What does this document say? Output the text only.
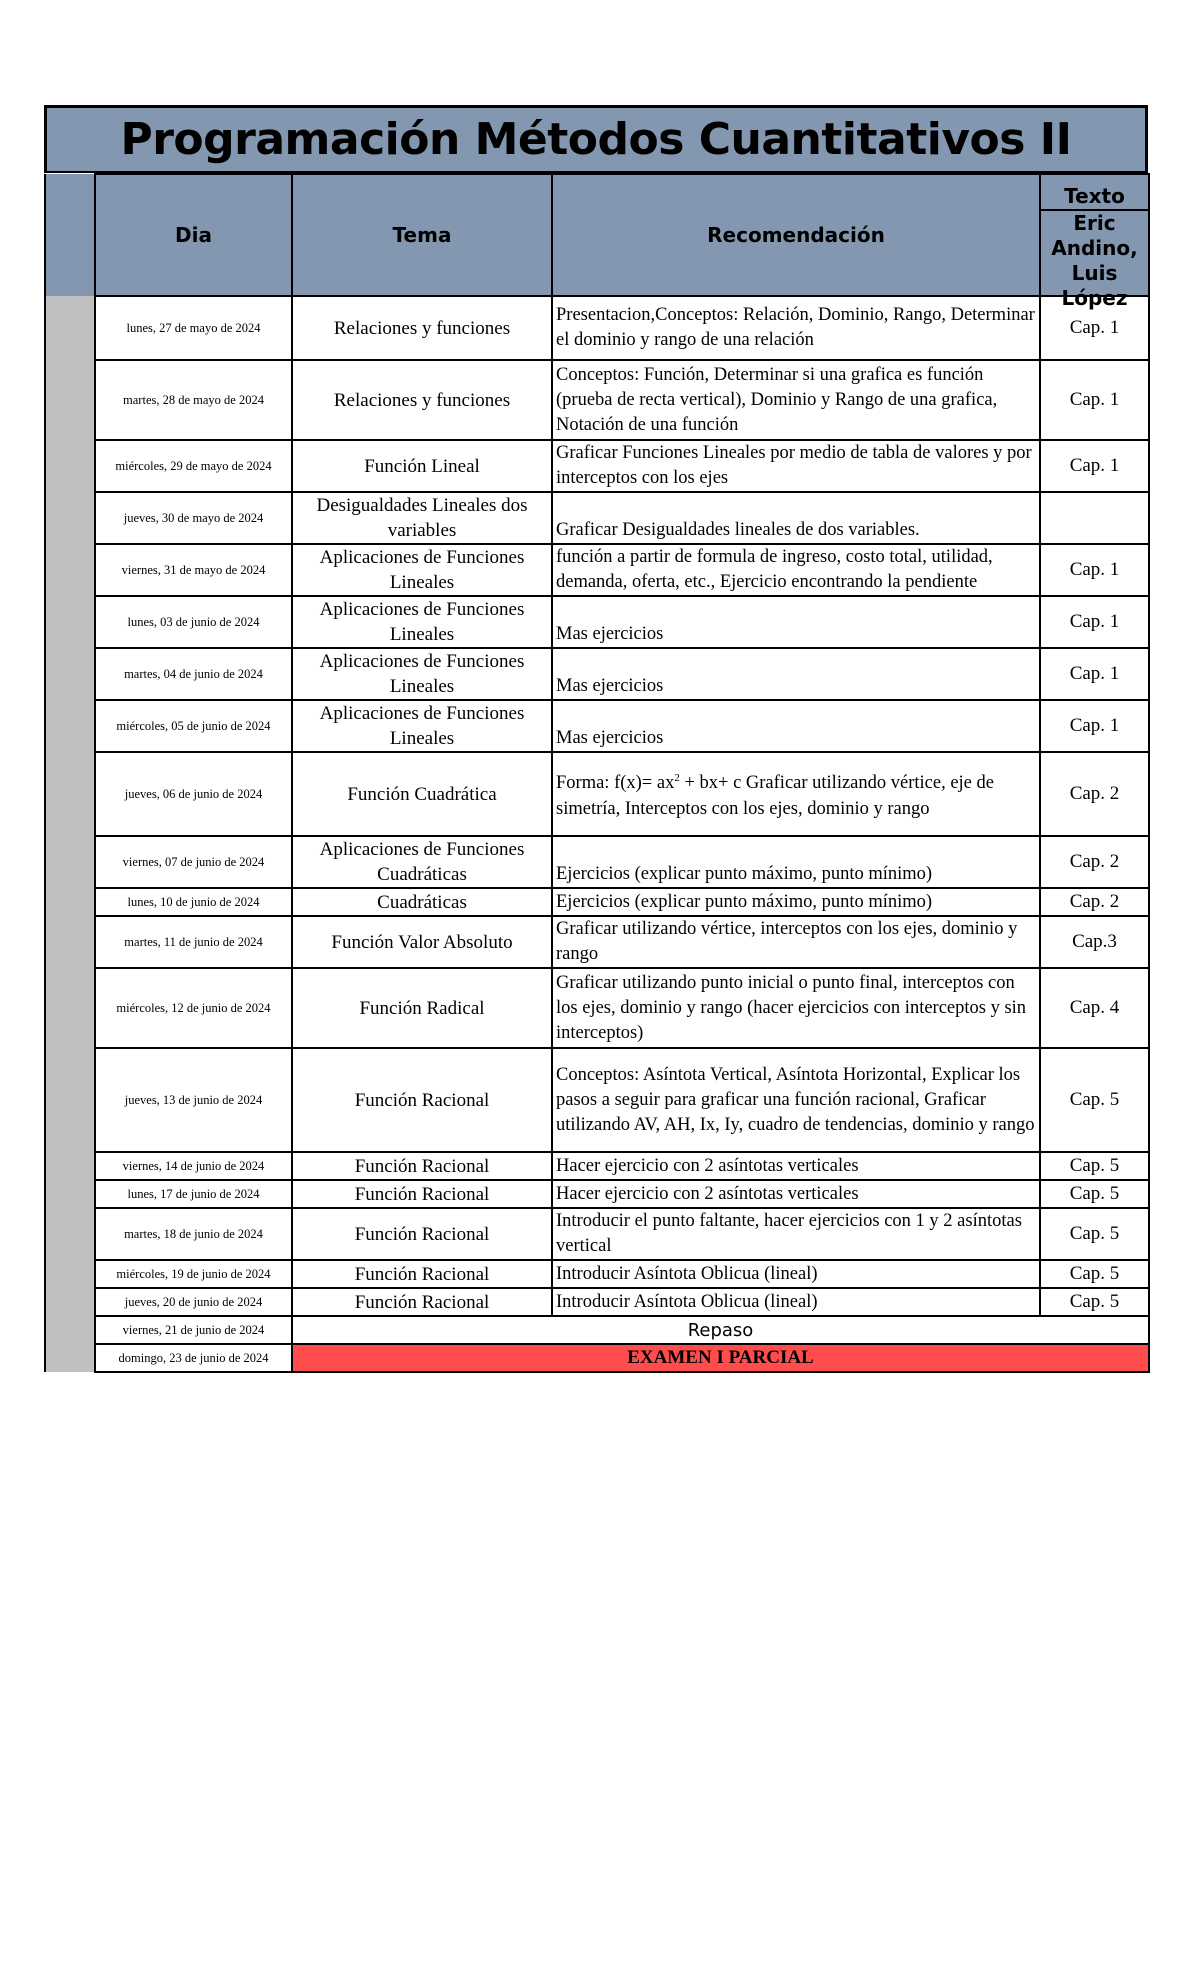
Programación Métodos Cuantitativos II
	Dia	Tema	Recomendación	Texto
Eric
Andino,
Luis López

	lunes, 27 de mayo de 2024	Relaciones y funciones	Presentacion,Conceptos: Relación, Dominio, Rango, Determinar el dominio y rango de una relación	Cap. 1
	martes, 28 de mayo de 2024	Relaciones y funciones	Conceptos: Función, Determinar si una grafica es función (prueba de recta vertical), Dominio y Rango de una grafica, Notación de una función	Cap. 1
	miércoles, 29 de mayo de 2024	Función Lineal	Graficar Funciones Lineales por medio de tabla de valores y por interceptos con los ejes	Cap. 1
	jueves, 30 de mayo de 2024	Desigualdades Lineales dos variables	Graficar Desigualdades lineales de dos variables.	
	viernes, 31 de mayo de 2024	Aplicaciones de Funciones Lineales	función a partir de formula de ingreso, costo total, utilidad, demanda, oferta, etc., Ejercicio encontrando la pendiente	Cap. 1
	lunes, 03 de junio de 2024	Aplicaciones de Funciones Lineales	Mas ejercicios	Cap. 1
	martes, 04 de junio de 2024	Aplicaciones de Funciones Lineales	Mas ejercicios	Cap. 1
	miércoles, 05 de junio de 2024	Aplicaciones de Funciones Lineales	Mas ejercicios	Cap. 1
	jueves, 06 de junio de 2024	Función Cuadrática	Forma: $f(x)= ax^2 + bx+ c$ Graficar utilizando vértice, eje de simetría, Interceptos con los ejes, dominio y rango	Cap. 2
	viernes, 07 de junio de 2024	Aplicaciones de Funciones Cuadráticas	Ejercicios (explicar punto máximo, punto mínimo)	Cap. 2
	lunes, 10 de junio de 2024	Cuadráticas	Ejercicios (explicar punto máximo, punto mínimo)	Cap. 2
	martes, 11 de junio de 2024	Función Valor Absoluto	Graficar utilizando vértice, interceptos con los ejes, dominio y rango	Cap.3
	miércoles, 12 de junio de 2024	Función Radical	Graficar utilizando punto inicial o punto final, interceptos con los ejes, dominio y rango (hacer ejercicios con interceptos y sin interceptos)	Cap. 4
	jueves, 13 de junio de 2024	Función Racional	Conceptos: Asíntota Vertical, Asíntota Horizontal, Explicar los pasos a seguir para graficar una función racional, Graficar utilizando AV, AH, Ix, Iy, cuadro de tendencias, dominio y rango	Cap. 5
	viernes, 14 de junio de 2024	Función Racional	Hacer ejercicio con 2 asíntotas verticales	Cap. 5
	lunes, 17 de junio de 2024	Función Racional	Hacer ejercicio con 2 asíntotas verticales	Cap. 5
	martes, 18 de junio de 2024	Función Racional	Introducir el punto faltante, hacer ejercicios con 1 y 2 asíntotas vertical	Cap. 5
	miércoles, 19 de junio de 2024	Función Racional	Introducir Asíntota Oblicua (lineal)	Cap. 5
	jueves, 20 de junio de 2024	Función Racional	Introducir Asíntota Oblicua (lineal)	Cap. 5
	viernes, 21 de junio de 2024	Repaso		
	domingo, 23 de junio de 2024	EXAMEN I PARCIAL		
